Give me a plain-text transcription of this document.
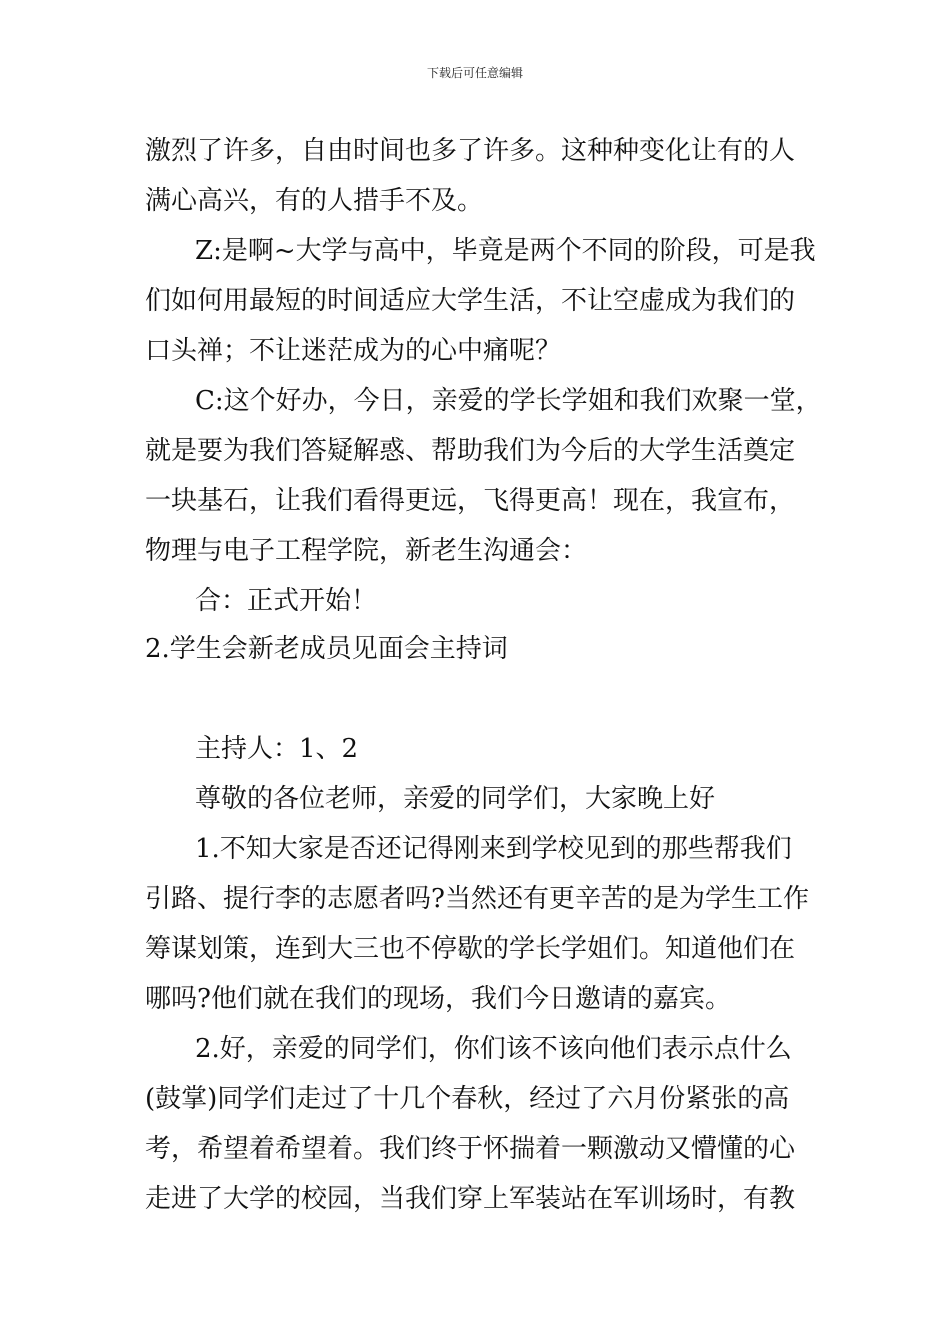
下载后可任意编辑
激烈了许多，自由时间也多了许多。这种种变化让有的人
满心高兴，有的人措手不及。
Z:是啊~大学与高中，毕竟是两个不同的阶段，可是我
们如何用最短的时间适应大学生活，不让空虚成为我们的
口头禅；不让迷茫成为的心中痛呢？
C:这个好办，今日，亲爱的学长学姐和我们欢聚一堂，
就是要为我们答疑解惑、帮助我们为今后的大学生活奠定
一块基石，让我们看得更远，飞得更高！现在，我宣布，
物理与电子工程学院，新老生沟通会：
合：正式开始！
2.学生会新老成员见面会主持词
主持人：1、2
尊敬的各位老师，亲爱的同学们，大家晚上好
1.不知大家是否还记得刚来到学校见到的那些帮我们
引路、提行李的志愿者吗?当然还有更辛苦的是为学生工作
筹谋划策，连到大三也不停歇的学长学姐们。知道他们在
哪吗?他们就在我们的现场，我们今日邀请的嘉宾。
2.好，亲爱的同学们，你们该不该向他们表示点什么
(鼓掌)同学们走过了十几个春秋，经过了六月份紧张的高
考，希望着希望着。我们终于怀揣着一颗激动又懵懂的心
走进了大学的校园，当我们穿上军装站在军训场时，有教
